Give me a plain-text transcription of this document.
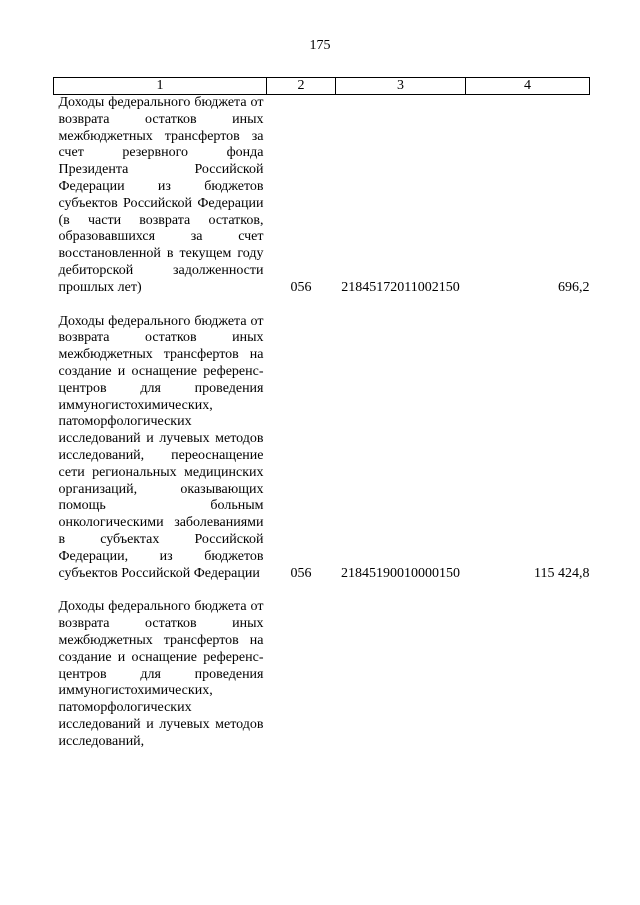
175
1	2	3	4
Доходы федерального бюджета от возврата остатков иных межбюджетных трансфертов за счет резервного фонда Президента Российской Федерации из бюджетов субъектов Российской Федерации (в части возврата остатков, образовавшихся за счет восстановленной в текущем году дебиторской задолженности прошлых лет)	056	21845172011002150	696,2

Доходы федерального бюджета от возврата остатков иных межбюджетных трансфертов на создание и оснащение референс-центров для проведения иммуногистохимических, патоморфологических исследований и лучевых методов исследований, переоснащение сети региональных медицинских организаций, оказывающих помощь больным онкологическими заболеваниями в субъектах Российской Федерации, из бюджетов субъектов Российской Федерации	056	21845190010000150	115 424,8

Доходы федерального бюджета от возврата остатков иных межбюджетных трансфертов на создание и оснащение референс-центров для проведения иммуногистохимических, патоморфологических исследований и лучевых методов исследований,			
